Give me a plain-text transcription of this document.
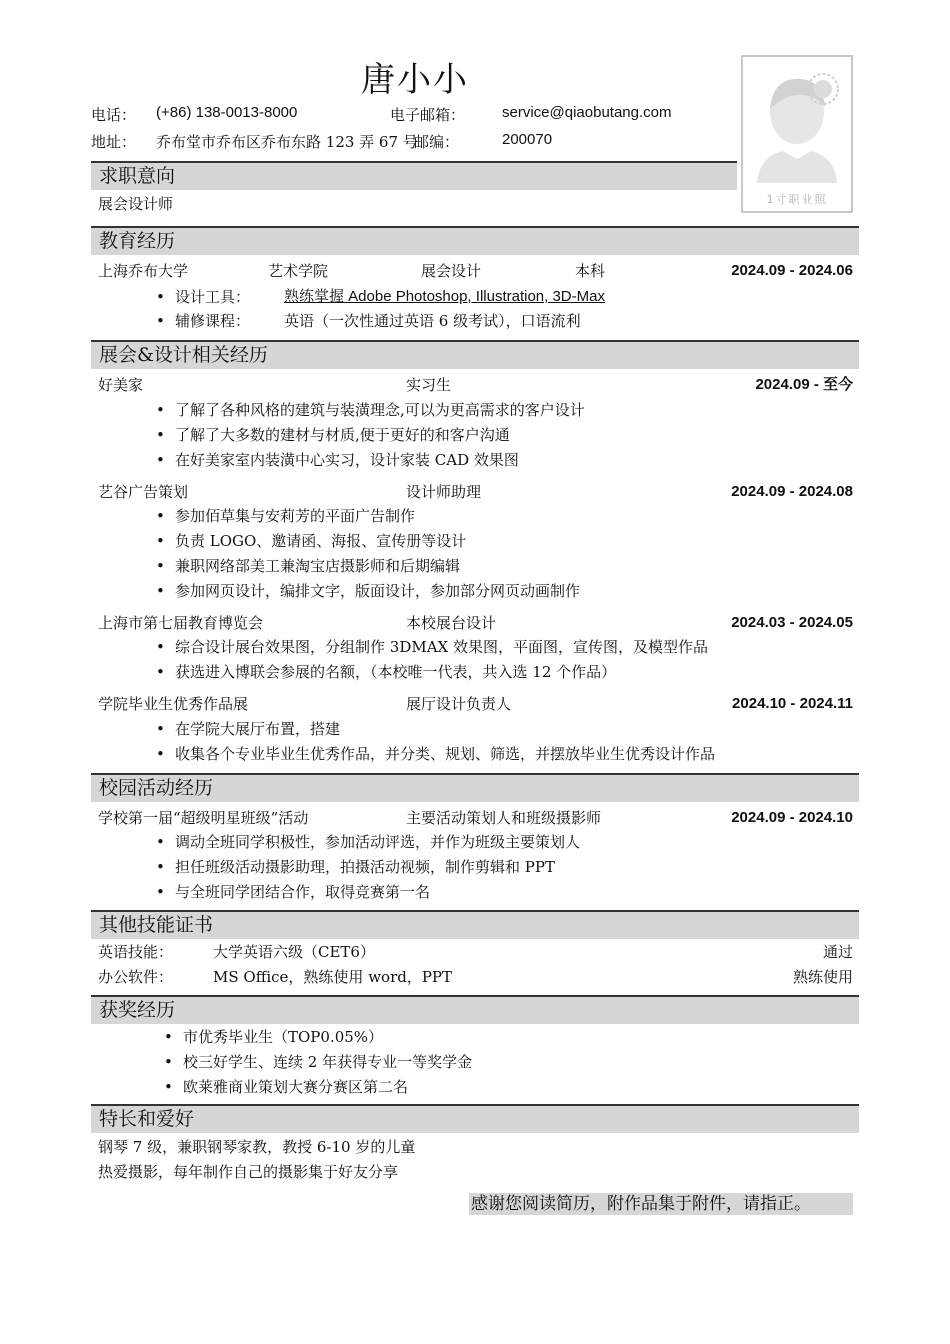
唐小小
电话： (+86) 138-0013-8000	电子邮箱： service@qiaobutang.com
地址： 乔布堂市乔布区乔布东路 123 弄 67 号
邮编：	200070
1寸职业照
求职意向
展会设计师
教育经历
上海乔布大学	艺术学院	展会设计	本科	2024.09 - 2024.06
• 设计工具： 熟练掌握 Adobe Photoshop, Illustration, 3D-Max
• 辅修课程： 英语（一次性通过英语 6 级考试），口语流利
展会&设计相关经历
好美家	实习生	2024.09 - 至今
• 了解了各种风格的建筑与装潢理念,可以为更高需求的客户设计
• 了解了大多数的建材与材质,便于更好的和客户沟通
• 在好美家室内装潢中心实习，设计家装 CAD 效果图
艺谷广告策划	设计师助理	2024.09 - 2024.08
• 参加佰草集与安莉芳的平面广告制作
• 负责 LOGO、邀请函、海报、宣传册等设计
• 兼职网络部美工兼淘宝店摄影师和后期编辑
• 参加网页设计，编排文字，版面设计，参加部分网页动画制作
上海市第七届教育博览会	本校展台设计	2024.03 - 2024.05
• 综合设计展台效果图，分组制作 3DMAX 效果图，平面图，宣传图，及模型作品
• 获选进入博联会参展的名额，（本校唯一代表，共入选 12 个作品）
学院毕业生优秀作品展	展厅设计负责人	2024.10 - 2024.11
• 在学院大展厅布置，搭建
• 收集各个专业毕业生优秀作品，并分类、规划、筛选，并摆放毕业生优秀设计作品
校园活动经历
学校第一届“超级明星班级”活动	主要活动策划人和班级摄影师	2024.09 - 2024.10
• 调动全班同学积极性，参加活动评选，并作为班级主要策划人
• 担任班级活动摄影助理，拍摄活动视频，制作剪辑和 PPT
• 与全班同学团结合作，取得竞赛第一名
其他技能证书
英语技能：	大学英语六级（CET6）	通过
办公软件：	MS Office，熟练使用 word，PPT	熟练使用
获奖经历
• 市优秀毕业生（TOP0.05%）
• 校三好学生、连续 2 年获得专业一等奖学金
• 欧莱雅商业策划大赛分赛区第二名
特长和爱好
钢琴 7 级，兼职钢琴家教，教授 6-10 岁的儿童
热爱摄影，每年制作自己的摄影集于好友分享
感谢您阅读简历，附作品集于附件，请指正。
